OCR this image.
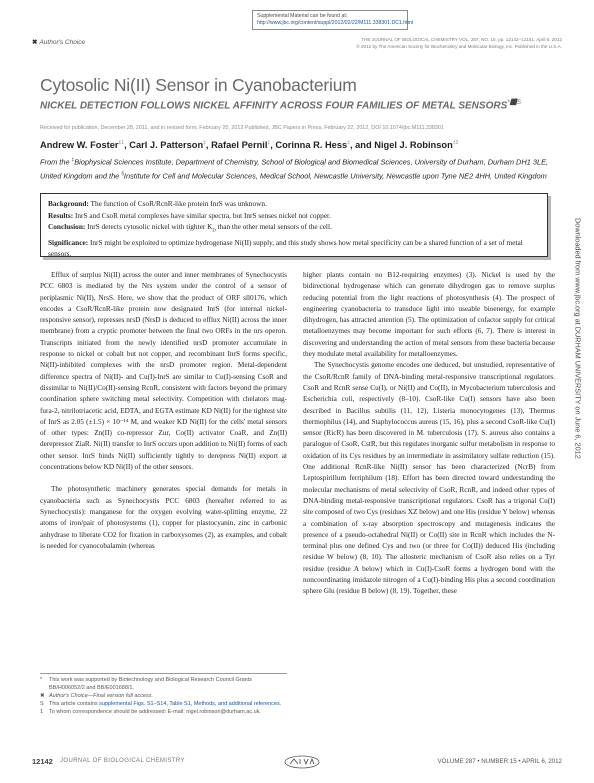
Supplemental Material can be found at:
http://www.jbc.org/content/suppl/2012/02/22/M111.338301.DC1.html
✖ Author's Choice	THE JOURNAL OF BIOLOGICAL CHEMISTRY VOL. 287, NO. 15, pp. 12142–12151, April 6, 2012
© 2012 by The American Society for Biochemistry and Molecular Biology, Inc. Published in the U.S.A.
Cytosolic Ni(II) Sensor in Cyanobacterium
NICKEL DETECTION FOLLOWS NICKEL AFFINITY ACROSS FOUR FAMILIES OF METAL $SENSORS^{*⬛S}$
Received for publication, December 28, 2011, and in revised form, February 20, 2012 Published, JBC Papers in Press, February 22, 2012, DOI 10.1074/jbc.M111.338301
Andrew W. Foster$^{\ddagger 1}$, Carl J. Patterson‡, Rafael Pernil‡, Corinna R. Hess‡, and Nigel J. Robinson$^{\ddagger 2}$
From the ‡Biophysical Sciences Institute, Department of Chemistry, School of Biological and Biomedical Sciences, University of Durham, Durham DH1 3LE, United Kingdom and the §Institute for Cell and Molecular Sciences, Medical School, Newcastle University, Newcastle upon Tyne NE2 4HH, United Kingdom
Background: The function of CsoR/RcnR-like protein InrS was unknown.
Results: InrS and CsoR metal complexes have similar spectra, but InrS senses nickel not copper.
Conclusion: InrS detects cytosolic nickel with tighter $K_D$ than the other metal sensors of the cell.
Significance: InrS might be exploited to optimize hydrogenase Ni(II) supply, and this study shows how metal specificity can be a shared function of a set of metal sensors.

Efflux of surplus Ni(II) across the outer and inner membranes of Synechocystis PCC 6803 is mediated by the Nrs system under the control of a sensor of periplasmic Ni(II), NrsS. Here, we show that the product of ORF sll0176, which encodes a CsoR/RcnR-like protein now designated InrS (for internal nickel-responsive sensor), represses nrsD (NrsD is deduced to efflux Ni(II) across the inner membrane) from a cryptic promoter between the final two ORFs in the nrs operon. Transcripts initiated from the newly identified nrsD promoter accumulate in response to nickel or cobalt but not copper, and recombinant InrS forms specific, Ni(II)-inhibited complexes with the nrsD promoter region. Metal-dependent difference spectra of Ni(II)- and Cu(I)-InrS are similar to Cu(I)-sensing CsoR and dissimilar to Ni(II)/Co(II)-sensing RcnR, consistent with factors beyond the primary coordination sphere switching metal selectivity. Competition with chelators mag-fura-2, nitrilotriacetic acid, EDTA, and EGTA estimate KD Ni(II) for the tightest site of InrS as 2.05 (±1.5) × 10⁻¹⁴ M, and weaker KD Ni(II) for the cells' metal sensors of other types: Zn(II) co-repressor Zur, Co(II) activator CoaR, and Zn(II) derepressor ZiaR. Ni(II) transfer to InrS occurs upon addition to Ni(II) forms of each other sensor. InrS binds Ni(II) sufficiently tightly to derepress Ni(II) export at concentrations below KD Ni(II) of the other sensors.

The photosynthetic machinery generates special demands for metals in cyanobacteria such as Synechocystis PCC 6803 (hereafter referred to as Synechocystis): manganese for the oxygen evolving water-splitting enzyme, 22 atoms of iron/pair of photosystems (1), copper for plastocyanin, zinc in carbonic anhydrase to liberate CO2 for fixation in carboxysomes (2), as examples, and cobalt is needed for cyanocobalamin (whereas

higher plants contain no B12-requiring enzymes) (3). Nickel is used by the bidirectional hydrogenase which can generate dihydrogen gas to remove surplus reducing potential from the light reactions of photosynthesis (4). The prospect of engineering cyanobacteria to transduce light into useable bioenergy, for example dihydrogen, has attracted attention (5). The optimization of cofactor supply for critical metalloenzymes may become important for such efforts (6, 7). There is interest in discovering and understanding the action of metal sensors from these bacteria because they modulate metal availability for metalloenzymes.

The Synechocystis genome encodes one deduced, but unstudied, representative of the CsoR/RcnR family of DNA-binding metal-responsive transcriptional regulators. CsoR and RcnR sense Cu(I), or Ni(II) and Co(II), in Mycobacterium tuberculosis and Escherichia coli, respectively (8–10). CsoR-like Cu(I) sensors have also been described in Bacillus subtilis (11, 12), Listeria monocytogenes (13), Thermus thermophilus (14), and Staphylococcus aureus (15, 16), plus a second CsoR-like Cu(I) sensor (RicR) has been discovered in M. tuberculosis (17). S. aureus also contains a paralogue of CsoR, CstR, but this regulates inorganic sulfur metabolism in response to oxidation of its Cys residues by an intermediate in assimilatory sulfate reduction (15). One additional RcnR-like Ni(II) sensor has been characterized (NcrB) from Leptospirillum ferriphilum (18). Effort has been directed toward understanding the molecular mechanisms of metal selectivity of CsoR, RcnR, and indeed other types of DNA-binding metal-responsive transcriptional regulators. CsoR has a trigonal Cu(I) site composed of two Cys (residues XZ below) and one His (residue Y below) whereas a combination of x-ray absorption spectroscopy and mutagenesis indicates the presence of a pseudo-octahedral Ni(II) or Co(II) site in RcnR which includes the N-terminal plus one defined Cys and two (or three for Co(II)) deduced His (including residue W below) (8, 10). The allosteric mechanism of CsoR also relies on a Tyr residue (residue A below) which in Cu(I)-CsoR forms a hydrogen bond with the noncoordinating imidazole nitrogen of a Cu(I)-binding His plus a second coordination sphere Glu (residue B below) (8, 19). Together, these

*	This work was supported by Biotechnology and Biological Research Council Grants BB/H006052/2 and BB/E001688/1.
✖ Author's Choice—Final version full access.
S This article contains supplemental Figs. S1–S14, Table S1, Methods, and additional references.
1	To whom correspondence should be addressed: E-mail: nigel.robinson@durham.ac.uk.
Downloaded from www.jbc.org at DURHAM UNIVERSITY on June 6, 2012
12142 JOURNAL OF BIOLOGICAL CHEMISTRY	VOLUME 287 • NUMBER 15 • APRIL 6, 2012
